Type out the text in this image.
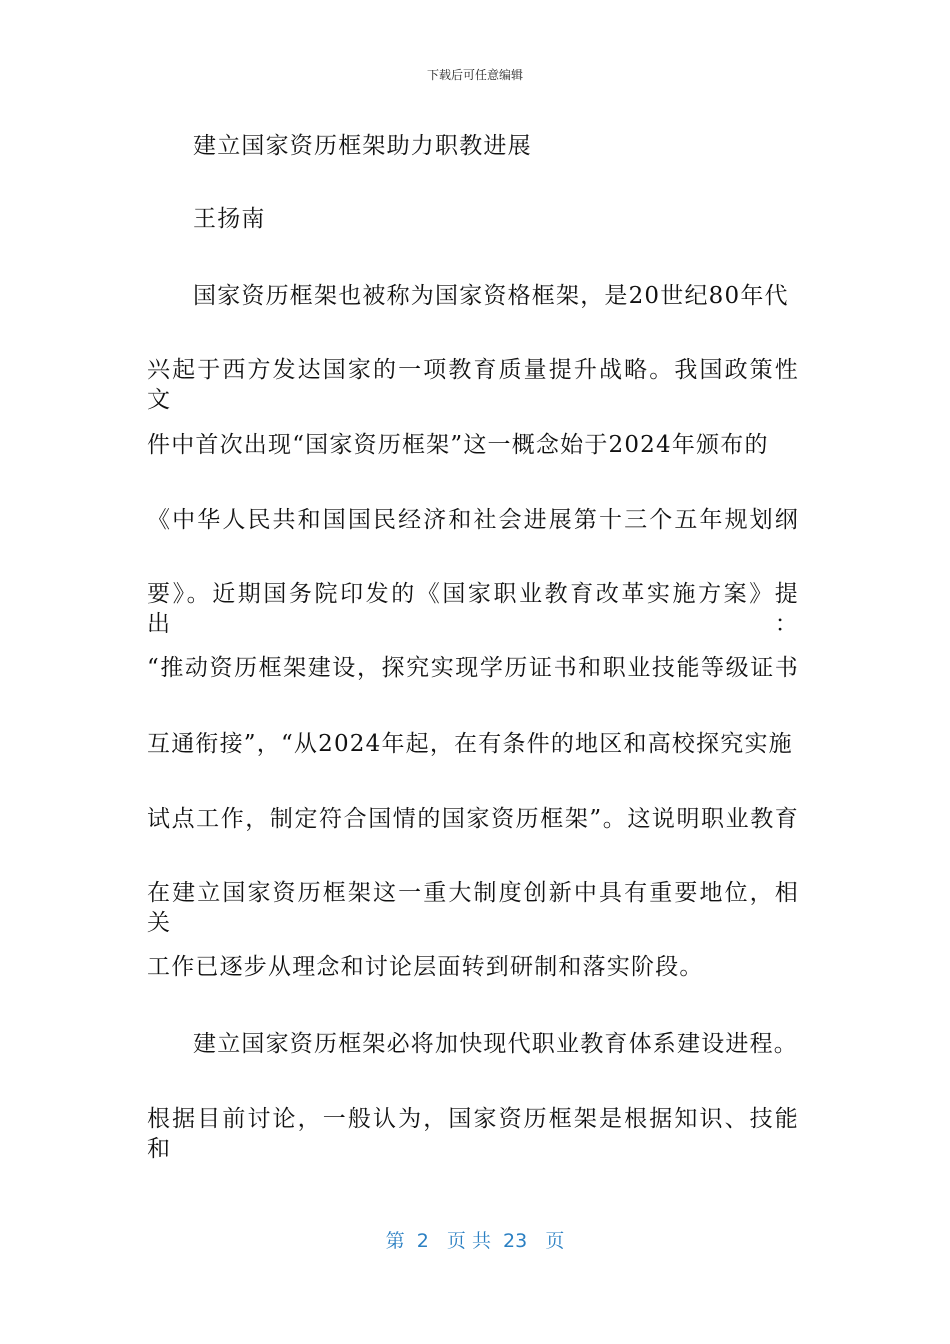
下载后可任意编辑
建立国家资历框架助力职教进展
王扬南
国家资历框架也被称为国家资格框架，是20世纪80年代
兴起于西方发达国家的一项教育质量提升战略。我国政策性文
件中首次出现“国家资历框架”这一概念始于2024年颁布的
《中华人民共和国国民经济和社会进展第十三个五年规划纲
要》。近期国务院印发的《国家职业教育改革实施方案》提出：
“推动资历框架建设，探究实现学历证书和职业技能等级证书
互通衔接”，“从2024年起，在有条件的地区和高校探究实施
试点工作，制定符合国情的国家资历框架”。这说明职业教育
在建立国家资历框架这一重大制度创新中具有重要地位，相关
工作已逐步从理念和讨论层面转到研制和落实阶段。
建立国家资历框架必将加快现代职业教育体系建设进程。
根据目前讨论，一般认为，国家资历框架是根据知识、技能和
第  2   页 共  23   页
